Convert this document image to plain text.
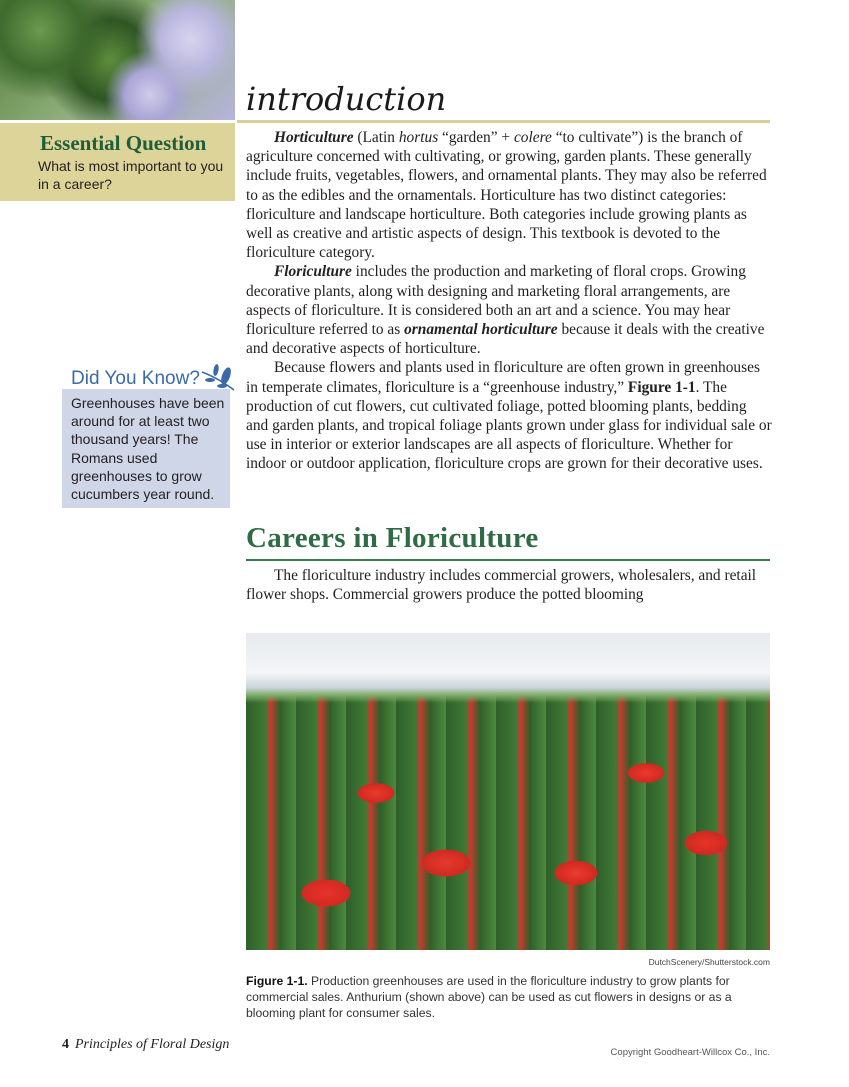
introduction
Essential Question
What is most important to you in a career?
Did You Know?
Greenhouses have been around for at least two thousand years! The Romans used greenhouses to grow cucumbers year round.

Horticulture (Latin hortus “garden” + colere “to cultivate”) is the branch of agriculture concerned with cultivating, or growing, garden plants. These generally include fruits, vegetables, flowers, and ornamental plants. They may also be referred to as the edibles and the ornamentals. Horticulture has two distinct categories: floriculture and landscape horticulture. Both categories include growing plants as well as creative and artistic aspects of design. This textbook is devoted to the floriculture category.

Floriculture includes the production and marketing of floral crops. Growing decorative plants, along with designing and marketing floral arrangements, are aspects of floriculture. It is considered both an art and a science. You may hear floriculture referred to as ornamental horticulture because it deals with the creative and decorative aspects of horticulture.

Because flowers and plants used in floriculture are often grown in greenhouses in temperate climates, floriculture is a “greenhouse industry,” Figure 1-1. The production of cut flowers, cut cultivated foliage, potted blooming plants, bedding and garden plants, and tropical foliage plants grown under glass for individual sale or use in interior or exterior landscapes are all aspects of floriculture. Whether for indoor or outdoor application, floriculture crops are grown for their decorative uses.

Careers in Floriculture

The floriculture industry includes commercial growers, wholesalers, and retail flower shops. Commercial growers produce the potted blooming

DutchScenery/Shutterstock.com
Figure 1-1. Production greenhouses are used in the floriculture industry to grow plants for commercial sales. Anthurium (shown above) can be used as cut flowers in designs or as a blooming plant for consumer sales.
4 Principles of Floral Design
Copyright Goodheart-Willcox Co., Inc.
